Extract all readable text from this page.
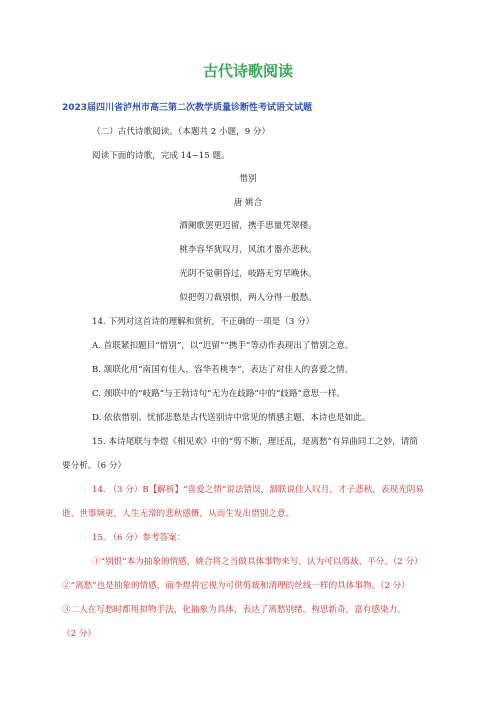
古代诗歌阅读
2023届四川省泸州市高三第二次教学质量诊断性考试语文试题
（二）古代诗歌阅读。（本题共 2 小题，9 分）
阅读下面的诗歌，完成 14~15 题。
惜别
唐 姚合
酒阑歌罢更迟留，携手思量凭翠楼。
桃李容华犹叹月，风流才器亦悲秋。
光阴不觉朝昏过，岐路无穷早晚休。
似把剪刀裁别恨，两人分得一般愁。
14. 下列对这首诗的理解和赏析，不正确的一项是（3 分）
A. 首联紧扣题目“惜别”，以“迟留”“携手”等动作表现出了惜别之意。
B. 颔联化用“南国有佳人，容华若桃李”，表达了对佳人的喜爱之情。
C. 颈联中的“岐路”与王勃诗句“无为在歧路”中的“歧路”意思一样。
D. 依依惜别、忧郁悲愁是古代送别诗中常见的情感主题，本诗也是如此。
15. 本诗尾联与李煜《相见欢》中的“剪不断，理还乱，是离愁”有异曲同工之妙，请简
要分析。（6 分）
14. （3 分）B【解析】“喜爱之情”说法错误，颔联说佳人叹月，才子悲秋，表现光阴易
逝、世事频更，人生无常的悲秋感慨，从而生发出惜别之意。
15. （6 分）参考答案：
①“别恨”本为抽象的情感，姚合将之当做具体事物来写，认为可以剪裁、平分。（2 分）
②“离愁”也是抽象的情感，而李煜将它视为可供剪裁和清理的丝线一样的具体事物。（2 分）
③二人在写愁时都用拟物手法，化抽象为具体，表达了离愁别绪，构思新奇，富有感染力。
（2 分）
